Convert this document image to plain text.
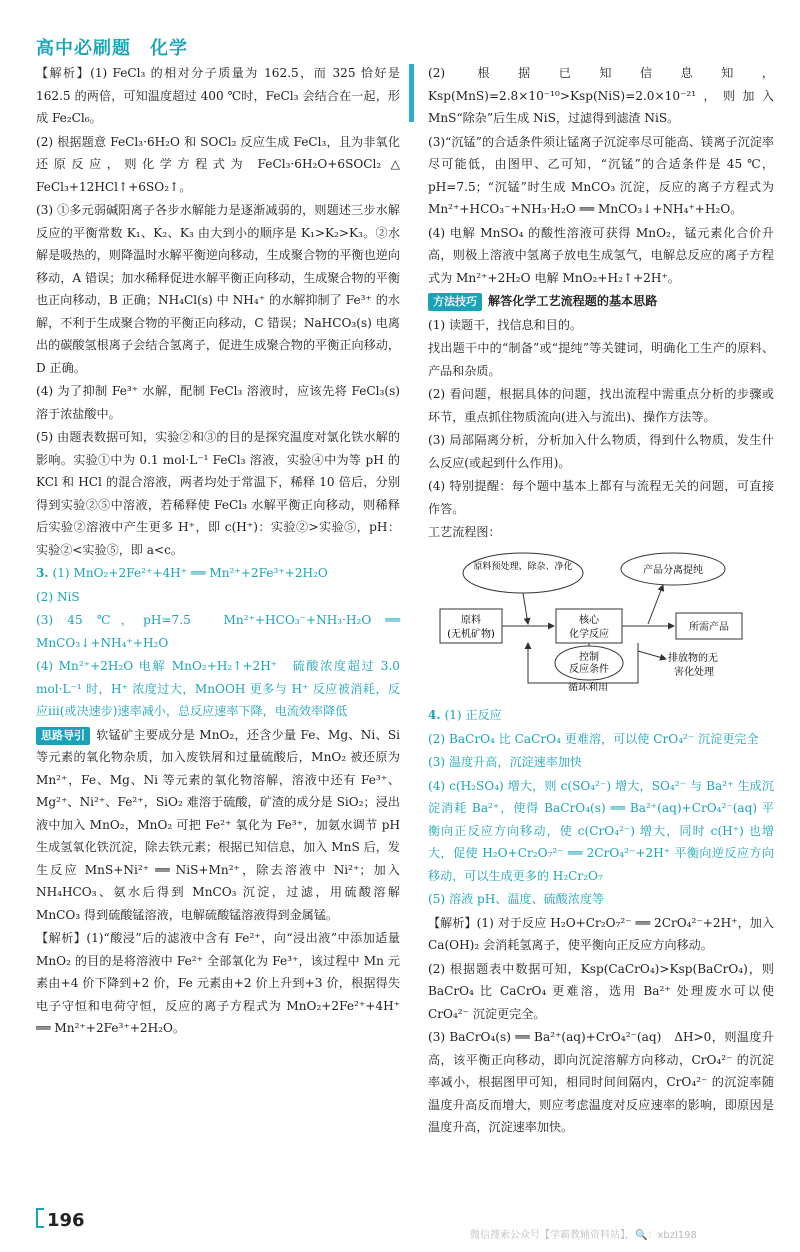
高中必刷题　化学

【解析】(1) FeCl₃ 的相对分子质量为 162.5，而 325 恰好是 162.5 的两倍，可知温度超过 400 ℃时，FeCl₃ 会结合在一起，形成 Fe₂Cl₆。

(2) 根据题意 FeCl₃·6H₂O 和 SOCl₂ 反应生成 FeCl₃，且为非氧化还原反应，则化学方程式为 FeCl₃·6H₂O+6SOCl₂ △ FeCl₃+12HCl↑+6SO₂↑。

(3) ①多元弱碱阳离子各步水解能力是逐渐减弱的，则题述三步水解反应的平衡常数 K₁、K₂、K₃ 由大到小的顺序是 K₁>K₂>K₃。②水解是吸热的，则降温时水解平衡逆向移动，生成聚合物的平衡也逆向移动，A 错误；加水稀释促进水解平衡正向移动，生成聚合物的平衡也正向移动，B 正确；NH₄Cl(s) 中 NH₄⁺ 的水解抑制了 Fe³⁺ 的水解，不利于生成聚合物的平衡正向移动，C 错误；NaHCO₃(s) 电离出的碳酸氢根离子会结合氢离子，促进生成聚合物的平衡正向移动，D 正确。

(4) 为了抑制 Fe³⁺ 水解，配制 FeCl₃ 溶液时，应该先将 FeCl₃(s) 溶于浓盐酸中。

(5) 由题表数据可知，实验②和③的目的是探究温度对氯化铁水解的影响。实验①中为 0.1 mol·L⁻¹ FeCl₃ 溶液，实验④中为等 pH 的 KCl 和 HCl 的混合溶液，两者均处于常温下，稀释 10 倍后，分别得到实验②⑤中溶液，若稀释使 FeCl₃ 水解平衡正向移动，则稀释后实验②溶液中产生更多 H⁺，即 c(H⁺)：实验②>实验⑤，pH：实验②<实验⑤，即 a<c。

3. (1) MnO₂+2Fe²⁺+4H⁺ ══ Mn²⁺+2Fe³⁺+2H₂O

(2) NiS

(3) 45 ℃，pH=7.5　Mn²⁺+HCO₃⁻+NH₃·H₂O ══ MnCO₃↓+NH₄⁺+H₂O

(4) Mn²⁺+2H₂O 电解 MnO₂+H₂↑+2H⁺　硫酸浓度超过 3.0 mol·L⁻¹ 时，H⁺ 浓度过大，MnOOH 更多与 H⁺ 反应被消耗，反应iii(或决速步)速率减小，总反应速率下降，电流效率降低

思路导引 软锰矿主要成分是 MnO₂，还含少量 Fe、Mg、Ni、Si 等元素的氧化物杂质，加入废铁屑和过量硫酸后，MnO₂ 被还原为 Mn²⁺，Fe、Mg、Ni 等元素的氧化物溶解，溶液中还有 Fe³⁺、Mg²⁺、Ni²⁺、Fe²⁺，SiO₂ 难溶于硫酸，矿渣的成分是 SiO₂；浸出液中加入 MnO₂，MnO₂ 可把 Fe²⁺ 氧化为 Fe³⁺，加氨水调节 pH 生成氢氧化铁沉淀，除去铁元素；根据已知信息，加入 MnS 后，发生反应 MnS+Ni²⁺ ══ NiS+Mn²⁺，除去溶液中 Ni²⁺；加入 NH₄HCO₃、氨水后得到 MnCO₃ 沉淀，过滤，用硫酸溶解 MnCO₃ 得到硫酸锰溶液，电解硫酸锰溶液得到金属锰。

【解析】(1)“酸浸”后的滤液中含有 Fe²⁺，向“浸出液”中添加适量 MnO₂ 的目的是将溶液中 Fe²⁺ 全部氧化为 Fe³⁺，该过程中 Mn 元素由+4 价下降到+2 价，Fe 元素由+2 价上升到+3 价，根据得失电子守恒和电荷守恒，反应的离子方程式为 MnO₂+2Fe²⁺+4H⁺ ══ Mn²⁺+2Fe³⁺+2H₂O。

(2) 根据已知信息知，Ksp(MnS)=2.8×10⁻¹⁰>Ksp(NiS)=2.0×10⁻²¹，则加入 MnS“除杂”后生成 NiS，过滤得到滤渣 NiS。

(3)“沉锰”的合适条件须让锰离子沉淀率尽可能高、镁离子沉淀率尽可能低，由图甲、乙可知，“沉锰”的合适条件是 45 ℃，pH=7.5；“沉锰”时生成 MnCO₃ 沉淀，反应的离子方程式为 Mn²⁺+HCO₃⁻+NH₃·H₂O ══ MnCO₃↓+NH₄⁺+H₂O。

(4) 电解 MnSO₄ 的酸性溶液可获得 MnO₂，锰元素化合价升高，则极上溶液中氢离子放电生成氢气，电解总反应的离子方程式为 Mn²⁺+2H₂O 电解 MnO₂+H₂↑+2H⁺。

方法技巧 解答化学工艺流程题的基本思路

(1) 读题干，找信息和目的。

找出题干中的“制备”或“提纯”等关键词，明确化工生产的原料、产品和杂质。

(2) 看问题，根据具体的问题，找出流程中需重点分析的步骤或环节，重点抓住物质流向(进入与流出)、操作方法等。

(3) 局部隔离分析，分析加入什么物质，得到什么物质，发生什么反应(或起到什么作用)。

(4) 特别提醒：每个题中基本上都有与流程无关的问题，可直接作答。

工艺流程图：

原料预处理、除杂、净化	产品分离提纯
原料
(无机矿物)
核心
化学反应
所需产品
控制
反应条件
循环利用
排放物的无
害化处理

4. (1) 正反应

(2) BaCrO₄ 比 CaCrO₄ 更难溶，可以使 CrO₄²⁻ 沉淀更完全

(3) 温度升高，沉淀速率加快

(4) c(H₂SO₄) 增大，则 c(SO₄²⁻) 增大，SO₄²⁻ 与 Ba²⁺ 生成沉淀消耗 Ba²⁺，使得 BaCrO₄(s) ══ Ba²⁺(aq)+CrO₄²⁻(aq) 平衡向正反应方向移动，使 c(CrO₄²⁻) 增大，同时 c(H⁺) 也增大，促使 H₂O+Cr₂O₇²⁻ ══ 2CrO₄²⁻+2H⁺ 平衡向逆反应方向移动，可以生成更多的 H₂Cr₂O₇

(5) 溶液 pH、温度、硫酸浓度等

【解析】(1) 对于反应 H₂O+Cr₂O₇²⁻ ══ 2CrO₄²⁻+2H⁺，加入 Ca(OH)₂ 会消耗氢离子，使平衡向正反应方向移动。

(2) 根据题表中数据可知，Ksp(CaCrO₄)>Ksp(BaCrO₄)，则 BaCrO₄ 比 CaCrO₄ 更难溶，选用 Ba²⁺ 处理废水可以使 CrO₄²⁻ 沉淀更完全。

(3) BaCrO₄(s) ══ Ba²⁺(aq)+CrO₄²⁻(aq)　ΔH>0，则温度升高，该平衡正向移动，即向沉淀溶解方向移动，CrO₄²⁻ 的沉淀率减小，根据图甲可知，相同时间间隔内，CrO₄²⁻ 的沉淀率随温度升高反而增大，则应考虑温度对反应速率的影响，即原因是温度升高，沉淀速率加快。

196
微信搜索公众号【学霸教辅资料站】，🔍：xbzl198
